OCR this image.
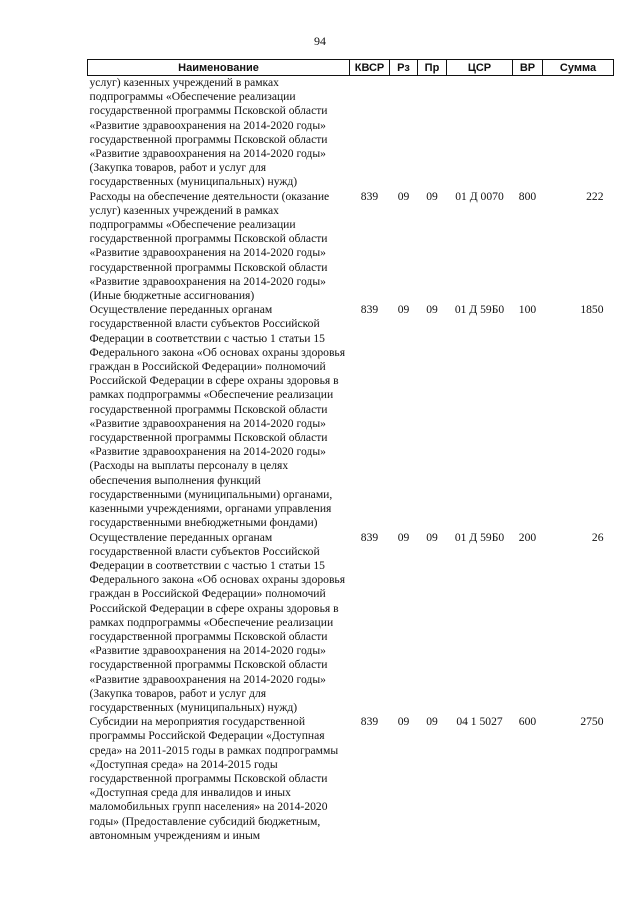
94
Наименование	КВСР	Рз	Пр	ЦСР	ВР	Сумма
услуг) казенных учреждений в рамках подпрограммы «Обеспечение реализации государственной программы Псковской области «Развитие здравоохранения на 2014-2020 годы» государственной программы Псковской области «Развитие здравоохранения на 2014-2020 годы» (Закупка товаров, работ и услуг для государственных (муниципальных) нужд)						
Расходы на обеспечение деятельности (оказание услуг) казенных учреждений в рамках подпрограммы «Обеспечение реализации государственной программы Псковской области «Развитие здравоохранения на 2014-2020 годы» государственной программы Псковской области «Развитие здравоохранения на 2014-2020 годы» (Иные бюджетные ассигнования)	839	09	09	01 Д 0070	800	222
Осуществление переданных органам государственной власти субъектов Российской Федерации в соответствии с частью 1 статьи 15 Федерального закона «Об основах охраны здоровья граждан в Российской Федерации» полномочий Российской Федерации в сфере охраны здоровья в рамках подпрограммы «Обеспечение реализации государственной программы Псковской области «Развитие здравоохранения на 2014-2020 годы» государственной программы Псковской области «Развитие здравоохранения на 2014-2020 годы» (Расходы на выплаты персоналу в целях обеспечения выполнения функций государственными (муниципальными) органами, казенными учреждениями, органами управления государственными внебюджетными фондами)	839	09	09	01 Д 59Б0	100	1850
Осуществление переданных органам государственной власти субъектов Российской Федерации в соответствии с частью 1 статьи 15 Федерального закона «Об основах охраны здоровья граждан в Российской Федерации» полномочий Российской Федерации в сфере охраны здоровья в рамках подпрограммы «Обеспечение реализации государственной программы Псковской области «Развитие здравоохранения на 2014-2020 годы» государственной программы Псковской области «Развитие здравоохранения на 2014-2020 годы» (Закупка товаров, работ и услуг для государственных (муниципальных) нужд)	839	09	09	01 Д 59Б0	200	26
Субсидии на мероприятия государственной программы Российской Федерации «Доступная среда» на 2011-2015 годы в рамках подпрограммы «Доступная среда» на 2014-2015 годы государственной программы Псковской области «Доступная среда для инвалидов и иных маломобильных групп населения» на 2014-2020 годы» (Предоставление субсидий бюджетным, автономным учреждениям и иным	839	09	09	04 1 5027	600	2750
